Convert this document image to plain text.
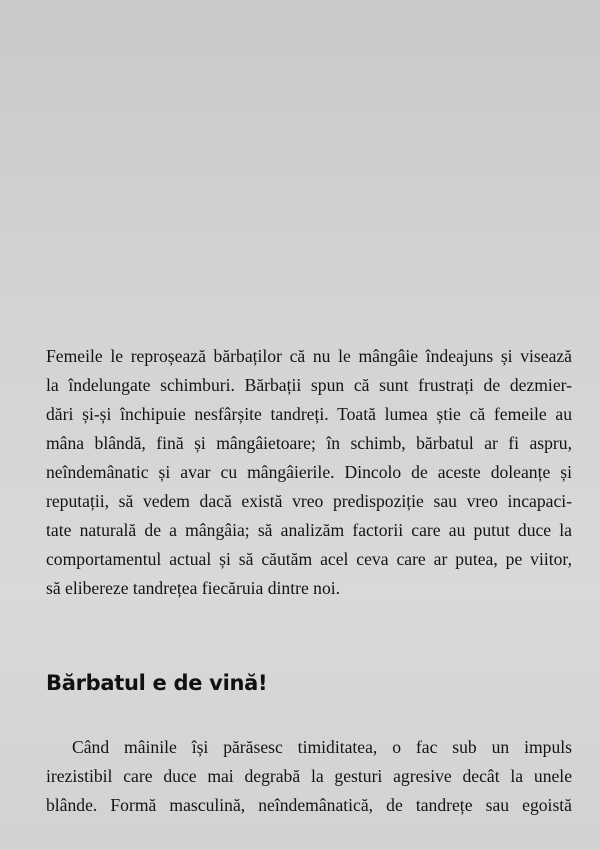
Femeile le reproșează bărbaților că nu le mângâie îndeajuns și visează
la îndelungate schimburi. Bărbații spun că sunt frustrați de dezmier-
dări și-și închipuie nesfârșite tandreți. Toată lumea știe că femeile au
mâna blândă, fină și mângâietoare; în schimb, bărbatul ar fi aspru,
neîndemânatic și avar cu mângâierile. Dincolo de aceste doleanțe și
reputații, să vedem dacă există vreo predispoziție sau vreo incapaci-
tate naturală de a mângâia; să analizăm factorii care au putut duce la
comportamentul actual și să căutăm acel ceva care ar putea, pe viitor,
să elibereze tandrețea fiecăruia dintre noi.
Bărbatul e de vină!
Când mâinile își părăsesc timiditatea, o fac sub un impuls
irezistibil care duce mai degrabă la gesturi agresive decât la unele
blânde. Formă masculină, neîndemânatică, de tandrețe sau egoistă
